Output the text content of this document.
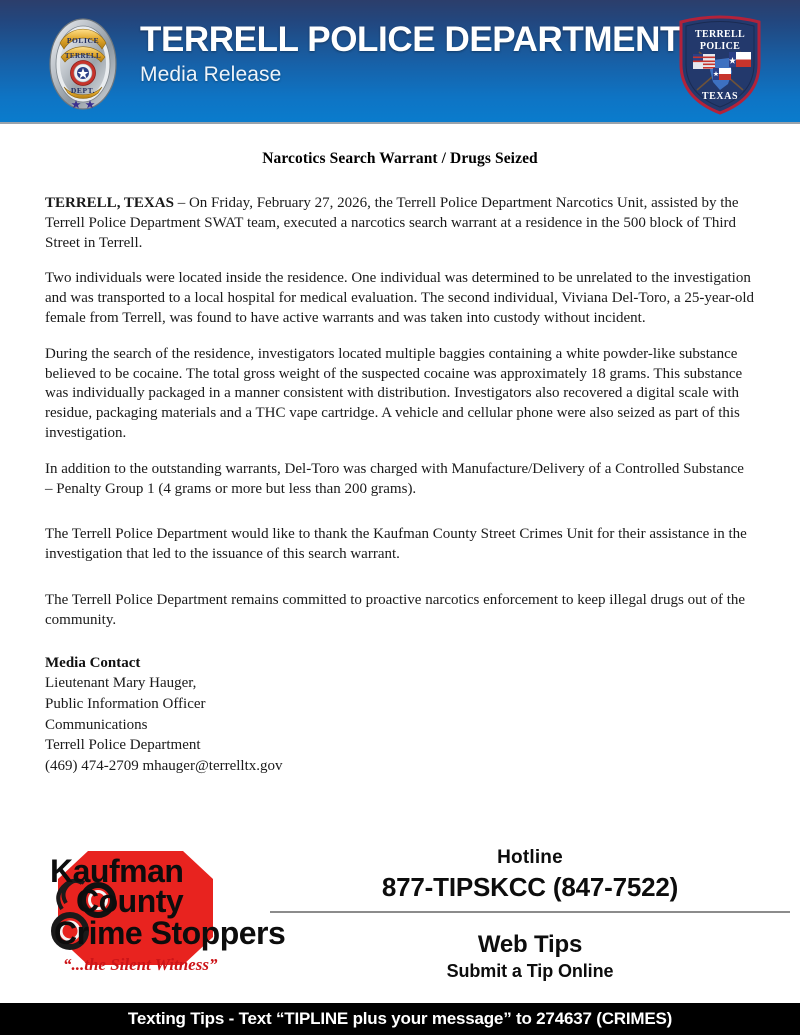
POLICE
TERRELL
DEPT.
TERRELL POLICE DEPARTMENT
Media Release
TERRELL
POLICE
TEXAS
Narcotics Search Warrant / Drugs Seized

TERRELL, TEXAS – On Friday, February 27, 2026, the Terrell Police Department Narcotics Unit, assisted by the Terrell Police Department SWAT team, executed a narcotics search warrant at a residence in the 500 block of Third Street in Terrell.

Two individuals were located inside the residence. One individual was determined to be unrelated to the investigation and was transported to a local hospital for medical evaluation. The second individual, Viviana Del-Toro, a 25-year-old female from Terrell, was found to have active warrants and was taken into custody without incident.

During the search of the residence, investigators located multiple baggies containing a white powder-like substance believed to be cocaine. The total gross weight of the suspected cocaine was approximately 18 grams. This substance was individually packaged in a manner consistent with distribution. Investigators also recovered a digital scale with residue, packaging materials and a THC vape cartridge. A vehicle and cellular phone were also seized as part of this investigation.

In addition to the outstanding warrants, Del-Toro was charged with Manufacture/Delivery of a Controlled Substance – Penalty Group 1 (4 grams or more but less than 200 grams).

The Terrell Police Department would like to thank the Kaufman County Street Crimes Unit for their assistance in the investigation that led to the issuance of this search warrant.

The Terrell Police Department remains committed to proactive narcotics enforcement to keep illegal drugs out of the community.

Media Contact
Lieutenant Mary Hauger,
Public Information Officer
Communications
Terrell Police Department
(469) 474-2709 mhauger@terrelltx.gov
Kaufman
County
Crime Stoppers
“...the Silent Witness”
Hotline
877-TIPSKCC (847-7522)
Web Tips
Submit a Tip Online
Texting Tips - Text “TIPLINE plus your message” to 274637 (CRIMES)
